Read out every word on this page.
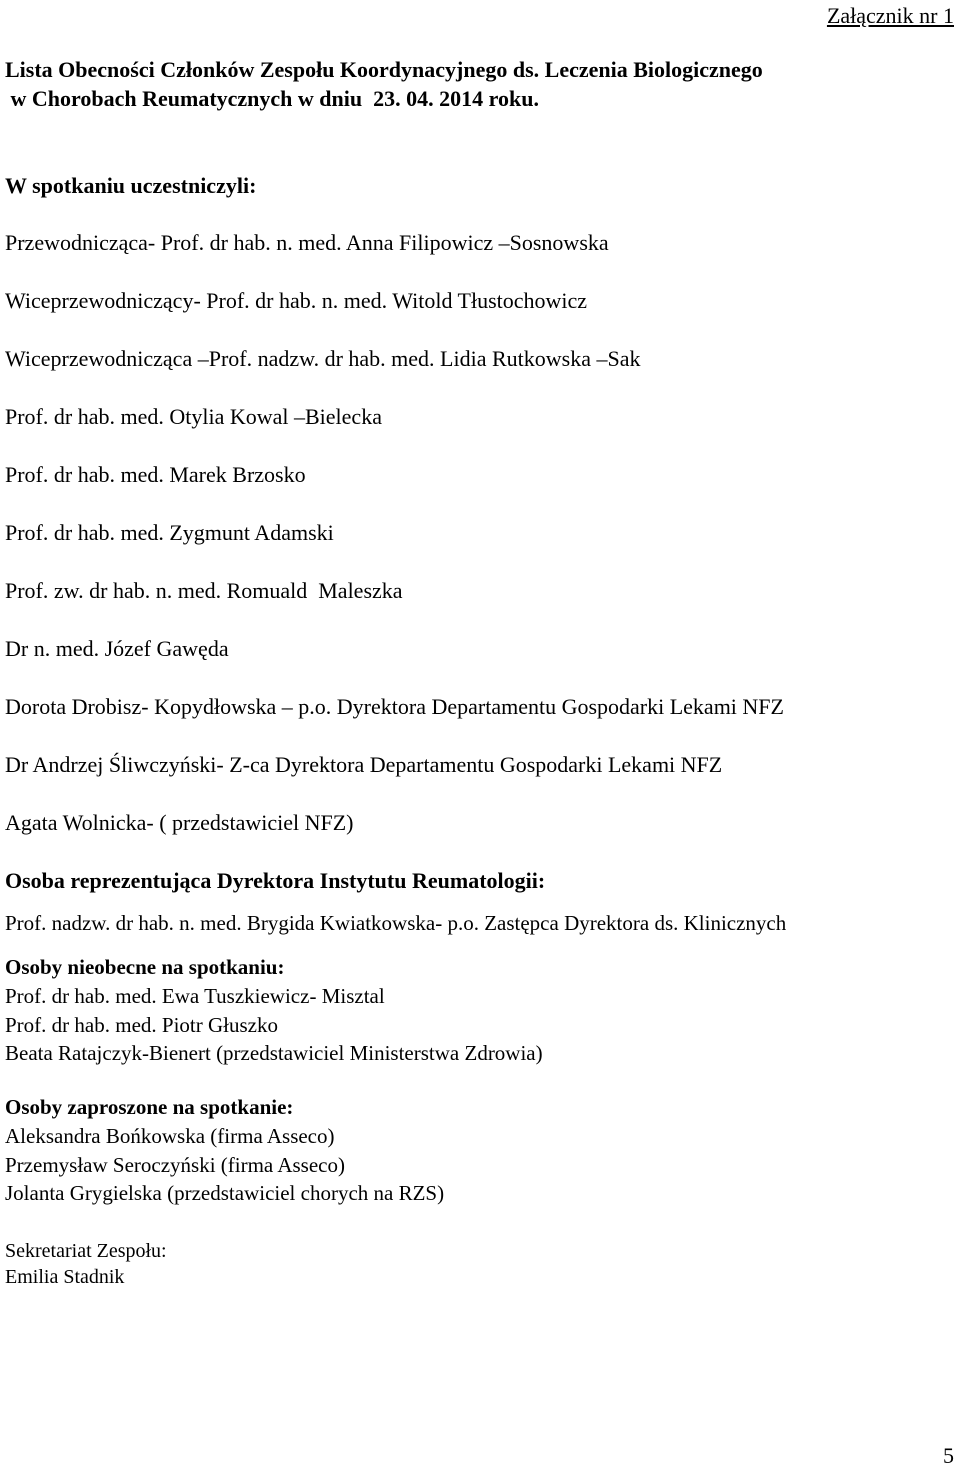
Załącznik nr 1
Lista Obecności Członków Zespołu Koordynacyjnego ds. Leczenia Biologicznego
w Chorobach Reumatycznych w dniu  23. 04. 2014 roku.
W spotkaniu uczestniczyli:
Przewodnicząca- Prof. dr hab. n. med. Anna Filipowicz –Sosnowska
Wiceprzewodniczący- Prof. dr hab. n. med. Witold Tłustochowicz
Wiceprzewodnicząca –Prof. nadzw. dr hab. med. Lidia Rutkowska –Sak
Prof. dr hab. med. Otylia Kowal –Bielecka
Prof. dr hab. med. Marek Brzosko
Prof. dr hab. med. Zygmunt Adamski
Prof. zw. dr hab. n. med. Romuald  Maleszka
Dr n. med. Józef Gawęda
Dorota Drobisz- Kopydłowska – p.o. Dyrektora Departamentu Gospodarki Lekami NFZ
Dr Andrzej Śliwczyński- Z-ca Dyrektora Departamentu Gospodarki Lekami NFZ
Agata Wolnicka- ( przedstawiciel NFZ)
Osoba reprezentująca Dyrektora Instytutu Reumatologii:
Prof. nadzw. dr hab. n. med. Brygida Kwiatkowska- p.o. Zastępca Dyrektora ds. Klinicznych
Osoby nieobecne na spotkaniu:
Prof. dr hab. med. Ewa Tuszkiewicz- Misztal
Prof. dr hab. med. Piotr Głuszko
Beata Ratajczyk-Bienert (przedstawiciel Ministerstwa Zdrowia)
Osoby zaproszone na spotkanie:
Aleksandra Bońkowska (firma Asseco)
Przemysław Seroczyński (firma Asseco)
Jolanta Grygielska (przedstawiciel chorych na RZS)
Sekretariat Zespołu:
Emilia Stadnik
5
